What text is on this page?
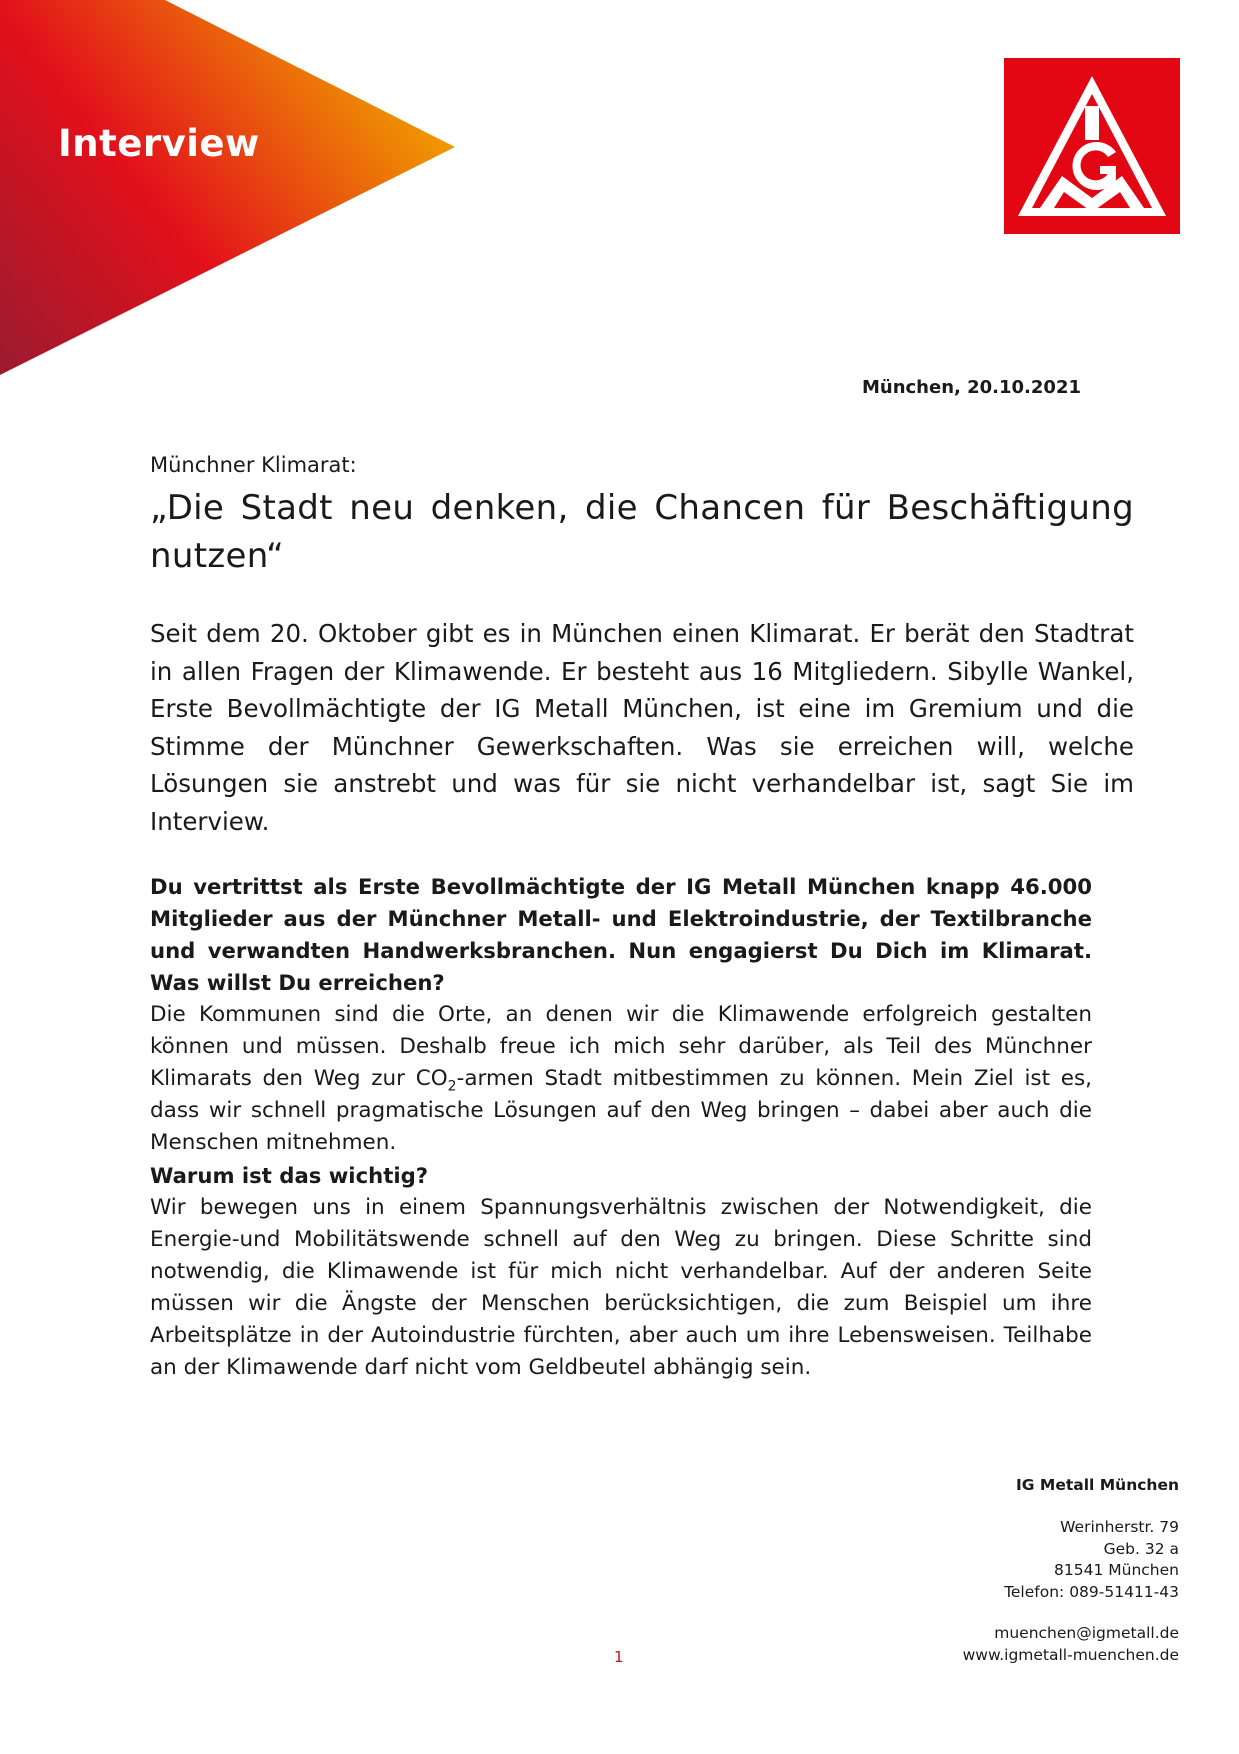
Interview
München, 20.10.2021
Münchner Klimarat:
„Die Stadt neu denken, die Chancen für Beschäftigung nutzen“
Seit dem 20. Oktober gibt es in München einen Klimarat. Er berät den Stadtrat in allen Fragen der Klimawende. Er besteht aus 16 Mitgliedern. Sibylle Wankel, Erste Bevollmächtigte der IG Metall München, ist eine im Gremium und die Stimme der Münchner Gewerkschaften. Was sie erreichen will, welche Lösungen sie anstrebt und was für sie nicht verhandelbar ist, sagt Sie im Interview.

Du vertrittst als Erste Bevollmächtigte der IG Metall München knapp 46.000 Mitglieder aus der Münchner Metall- und Elektroindustrie, der Textilbranche und verwandten Handwerksbranchen. Nun engagierst Du Dich im Klimarat. Was willst Du erreichen?

Die Kommunen sind die Orte, an denen wir die Klimawende erfolgreich gestalten können und müssen. Deshalb freue ich mich sehr darüber, als Teil des Münchner Klimarats den Weg zur $CO_2$-armen Stadt mitbestimmen zu können. Mein Ziel ist es, dass wir schnell pragmatische Lösungen auf den Weg bringen – dabei aber auch die Menschen mitnehmen.

Warum ist das wichtig?

Wir bewegen uns in einem Spannungsverhältnis zwischen der Notwendigkeit, die Energie-und Mobilitätswende schnell auf den Weg zu bringen. Diese Schritte sind notwendig, die Klimawende ist für mich nicht verhandelbar. Auf der anderen Seite müssen wir die Ängste der Menschen berücksichtigen, die zum Beispiel um ihre Arbeitsplätze in der Autoindustrie fürchten, aber auch um ihre Lebensweisen. Teilhabe an der Klimawende darf nicht vom Geldbeutel abhängig sein.

IG Metall München
Werinherstr. 79
Geb. 32 a
81541 München
Telefon: 089-51411-43
muenchen@igmetall.de
www.igmetall-muenchen.de
1
